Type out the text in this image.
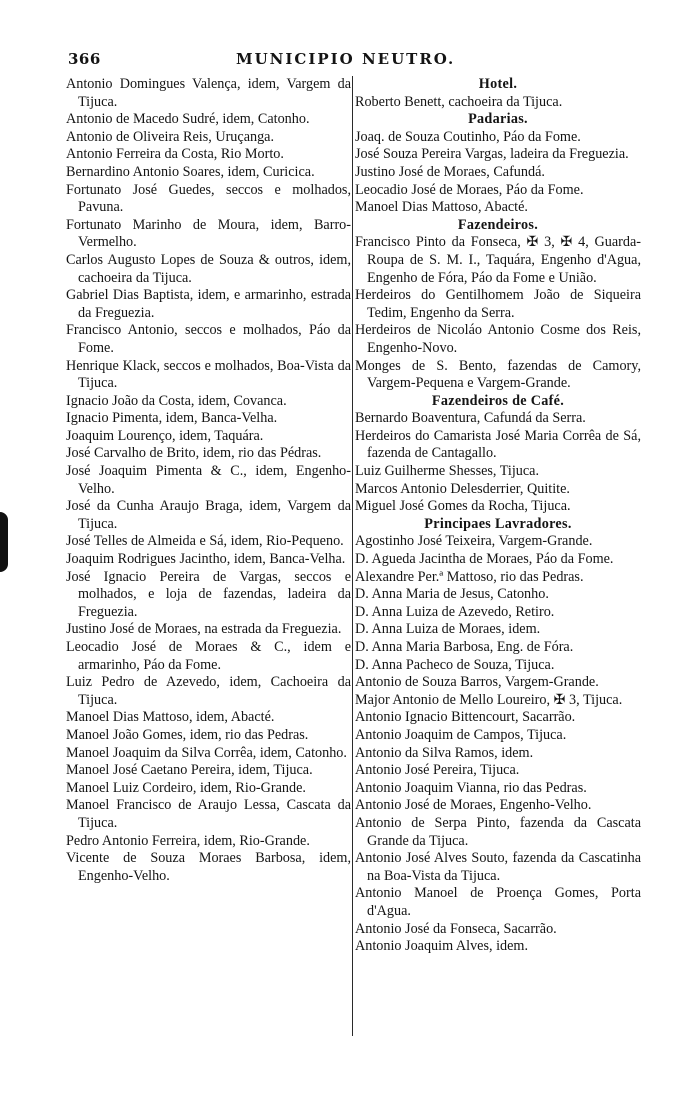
366	MUNICIPIO NEUTRO.
Antonio Domingues Valença, idem, Vargem da Tijuca.
Antonio de Macedo Sudré, idem, Catonho.
Antonio de Oliveira Reis, Uruçanga.
Antonio Ferreira da Costa, Rio Morto.
Bernardino Antonio Soares, idem, Curicica.
Fortunato José Guedes, seccos e molhados, Pavuna.
Fortunato Marinho de Moura, idem, Barro-Vermelho.
Carlos Augusto Lopes de Souza & outros, idem, cachoeira da Tijuca.
Gabriel Dias Baptista, idem, e armarinho, estrada da Freguezia.
Francisco Antonio, seccos e molhados, Páo da Fome.
Henrique Klack, seccos e molhados, Boa-Vista da Tijuca.
Ignacio João da Costa, idem, Covanca.
Ignacio Pimenta, idem, Banca-Velha.
Joaquim Lourenço, idem, Taquára.
José Carvalho de Brito, idem, rio das Pédras.
José Joaquim Pimenta & C., idem, Engenho-Velho.
José da Cunha Araujo Braga, idem, Vargem da Tijuca.
José Telles de Almeida e Sá, idem, Rio-Pequeno.
Joaquim Rodrigues Jacintho, idem, Banca-Velha.
José Ignacio Pereira de Vargas, seccos e molhados, e loja de fazendas, ladeira da Freguezia.
Justino José de Moraes, na estrada da Freguezia.
Leocadio José de Moraes & C., idem e armarinho, Páo da Fome.
Luiz Pedro de Azevedo, idem, Cachoeira da Tijuca.
Manoel Dias Mattoso, idem, Abacté.
Manoel João Gomes, idem, rio das Pedras.
Manoel Joaquim da Silva Corrêa, idem, Catonho.
Manoel José Caetano Pereira, idem, Tijuca.
Manoel Luiz Cordeiro, idem, Rio-Grande.
Manoel Francisco de Araujo Lessa, Cascata da Tijuca.
Pedro Antonio Ferreira, idem, Rio-Grande.
Vicente de Souza Moraes Barbosa, idem, Engenho-Velho.
Hotel.
Roberto Benett, cachoeira da Tijuca.
Padarias.
Joaq. de Souza Coutinho, Páo da Fome.
José Souza Pereira Vargas, ladeira da Freguezia.
Justino José de Moraes, Cafundá.
Leocadio José de Moraes, Páo da Fome.
Manoel Dias Mattoso, Abacté.
Fazendeiros.
Francisco Pinto da Fonseca, ✠ 3, ✠ 4, Guarda-Roupa de S. M. I., Taquára, Engenho d'Agua, Engenho de Fóra, Páo da Fome e União.
Herdeiros do Gentilhomem João de Siqueira Tedim, Engenho da Serra.
Herdeiros de Nicoláo Antonio Cosme dos Reis, Engenho-Novo.
Monges de S. Bento, fazendas de Camory, Vargem-Pequena e Vargem-Grande.
Fazendeiros de Café.
Bernardo Boaventura, Cafundá da Serra.
Herdeiros do Camarista José Maria Corrêa de Sá, fazenda de Cantagallo.
Luiz Guilherme Shesses, Tijuca.
Marcos Antonio Delesderrier, Quitite.
Miguel José Gomes da Rocha, Tijuca.
Principaes Lavradores.
Agostinho José Teixeira, Vargem-Grande.
D. Agueda Jacintha de Moraes, Páo da Fome.
Alexandre Per.ª Mattoso, rio das Pedras.
D. Anna Maria de Jesus, Catonho.
D. Anna Luiza de Azevedo, Retiro.
D. Anna Luiza de Moraes, idem.
D. Anna Maria Barbosa, Eng. de Fóra.
D. Anna Pacheco de Souza, Tijuca.
Antonio de Souza Barros, Vargem-Grande.
Major Antonio de Mello Loureiro, ✠ 3, Tijuca.
Antonio Ignacio Bittencourt, Sacarrão.
Antonio Joaquim de Campos, Tijuca.
Antonio da Silva Ramos, idem.
Antonio José Pereira, Tijuca.
Antonio Joaquim Vianna, rio das Pedras.
Antonio José de Moraes, Engenho-Velho.
Antonio de Serpa Pinto, fazenda da Cascata Grande da Tijuca.
Antonio José Alves Souto, fazenda da Cascatinha na Boa-Vista da Tijuca.
Antonio Manoel de Proença Gomes, Porta d'Agua.
Antonio José da Fonseca, Sacarrão.
Antonio Joaquim Alves, idem.
